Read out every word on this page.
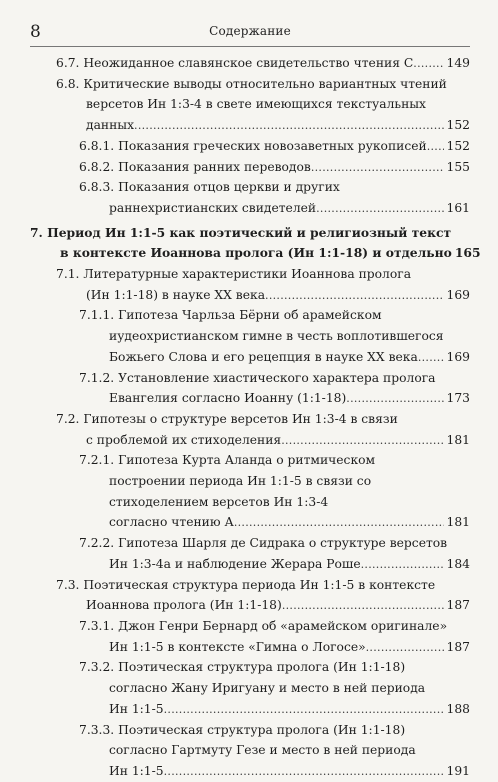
8	Содержание
6.7. Неожиданное славянское свидетельство чтения С . . .	149
6.8. Критические выводы относительно вариантных чтений
версетов Ин 1:3-4 в свете имеющихся текстуальных
данных . . .	152
6.8.1. Показания греческих новозаветных рукописей . . . 152
6.8.2. Показания ранних переводов . . .	155
6.8.3. Показания отцов церкви и других
раннехристианских свидетелей . . .	161
7. Период Ин 1:1-5 как поэтический и религиозный текст
в контексте Иоаннова пролога (Ин 1:1-18) и отдельно 165
7.1. Литературные характеристики Иоаннова пролога
(Ин 1:1-18) в науке XX века . . .	169
7.1.1. Гипотеза Чарльза Бёрни об арамейском
иудеохристианском гимне в честь воплотившегося
Божьего Слова и его рецепция в науке XX века . . . 169
7.1.2. Установление хиастического характера пролога
Евангелия согласно Иоанну (1:1-18) . . .	173
7.2. Гипотезы о структуре версетов Ин 1:3-4 в связи
с проблемой их стиходеления . . .	181
7.2.1. Гипотеза Курта Аланда о ритмическом
построении периода Ин 1:1-5 в связи со
стиходелением версетов Ин 1:3-4
согласно чтению А . . .	181
7.2.2. Гипотеза Шарля де Сидрака о структуре версетов
Ин 1:3-4а и наблюдение Жерара Роше . . .	184
7.3. Поэтическая структура периода Ин 1:1-5 в контексте
Иоаннова пролога (Ин 1:1-18) . . .	187
7.3.1. Джон Генри Бернард об «арамейском оригинале»
Ин 1:1-5 в контексте «Гимна о Логосе» . . .	187
7.3.2. Поэтическая структура пролога (Ин 1:1-18)
согласно Жану Иригуану и место в ней периода
Ин 1:1-5 . . .	188
7.3.3. Поэтическая структура пролога (Ин 1:1-18)
согласно Гартмуту Гезе и место в ней периода
Ин 1:1-5 . . .	191
